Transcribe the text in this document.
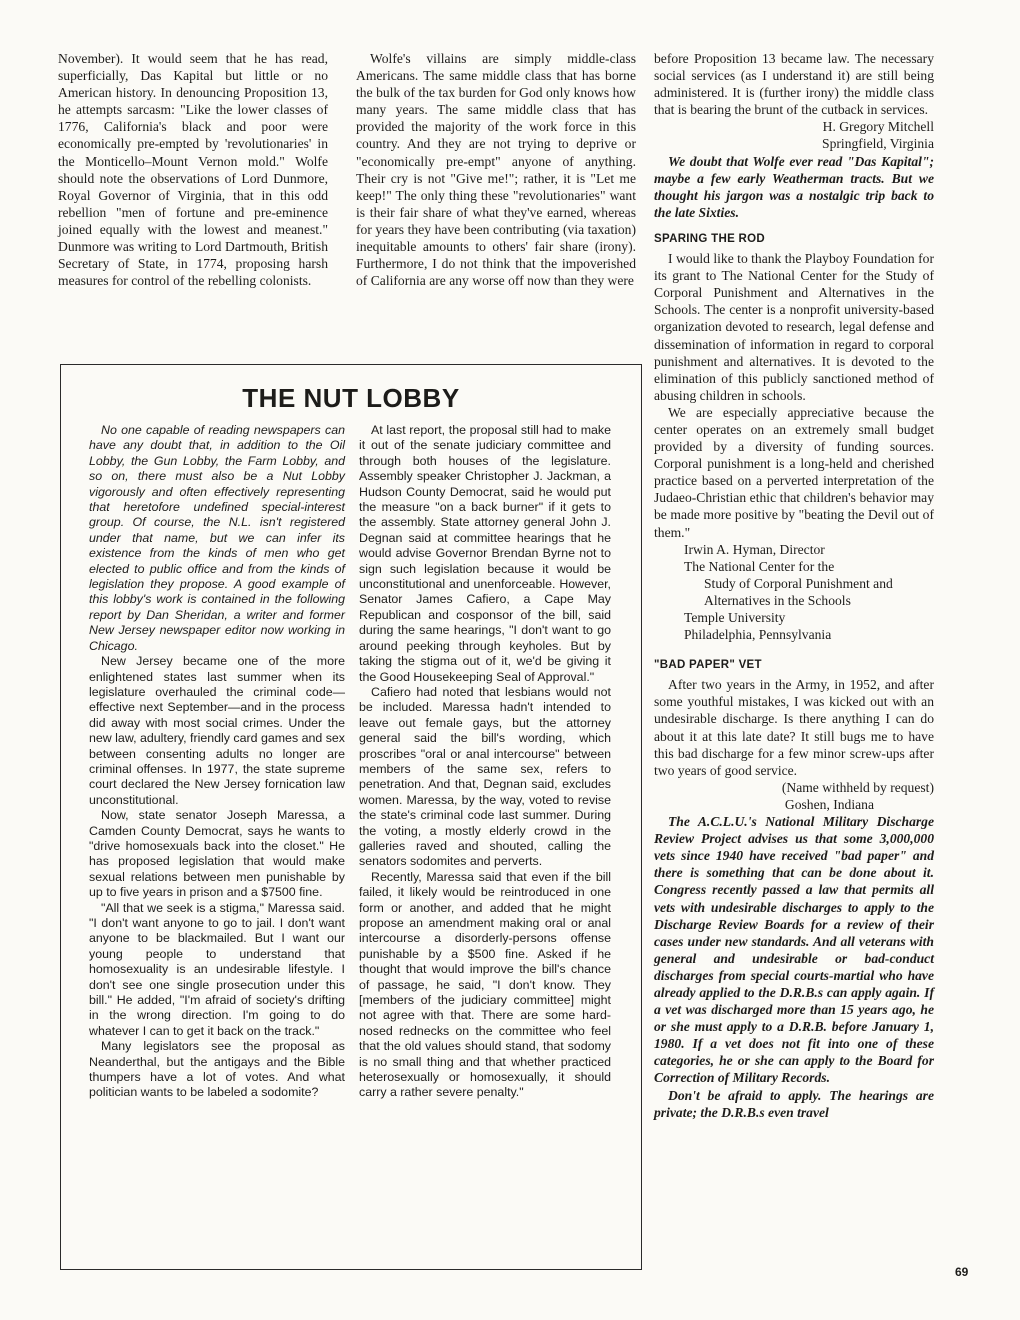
November). It would seem that he has read, superficially, Das Kapital but little or no American history. In denouncing Proposition 13, he attempts sarcasm: "Like the lower classes of 1776, California's black and poor were economically pre-empted by 'revolutionaries' in the Monticello–Mount Vernon mold." Wolfe should note the observations of Lord Dunmore, Royal Governor of Virginia, that in this odd rebellion "men of fortune and pre-eminence joined equally with the lowest and meanest." Dunmore was writing to Lord Dartmouth, British Secretary of State, in 1774, proposing harsh measures for control of the rebelling colonists.

Wolfe's villains are simply middle-class Americans. The same middle class that has borne the bulk of the tax burden for God only knows how many years. The same middle class that has provided the majority of the work force in this country. And they are not trying to deprive or "economically pre-empt" anyone of anything. Their cry is not "Give me!"; rather, it is "Let me keep!" The only thing these "revolutionaries" want is their fair share of what they've earned, whereas for years they have been contributing (via taxation) inequitable amounts to others' fair share (irony). Furthermore, I do not think that the impoverished of California are any worse off now than they were

before Proposition 13 became law. The necessary social services (as I understand it) are still being administered. It is (further irony) the middle class that is bearing the brunt of the cutback in services.

H. Gregory Mitchell

Springfield, Virginia

We doubt that Wolfe ever read "Das Kapital"; maybe a few early Weatherman tracts. But we thought his jargon was a nostalgic trip back to the late Sixties.

SPARING THE ROD

I would like to thank the Playboy Foundation for its grant to The National Center for the Study of Corporal Punishment and Alternatives in the Schools. The center is a nonprofit university-based organization devoted to research, legal defense and dissemination of information in regard to corporal punishment and alternatives. It is devoted to the elimination of this publicly sanctioned method of abusing children in schools.

We are especially appreciative because the center operates on an extremely small budget provided by a diversity of funding sources. Corporal punishment is a long-held and cherished practice based on a perverted interpretation of the Judaeo-Christian ethic that children's behavior may be made more positive by "beating the Devil out of them."

Irwin A. Hyman, Director

The National Center for the

Study of Corporal Punishment and

Alternatives in the Schools

Temple University

Philadelphia, Pennsylvania

"BAD PAPER" VET

After two years in the Army, in 1952, and after some youthful mistakes, I was kicked out with an undesirable discharge. Is there anything I can do about it at this late date? It still bugs me to have this bad discharge for a few minor screw-ups after two years of good service.

(Name withheld by request)

Goshen, Indiana

The A.C.L.U.'s National Military Discharge Review Project advises us that some 3,000,000 vets since 1940 have received "bad paper" and there is something that can be done about it. Congress recently passed a law that permits all vets with undesirable discharges to apply to the Discharge Review Boards for a review of their cases under new standards. And all veterans with general and undesirable or bad-conduct discharges from special courts-martial who have already applied to the D.R.B.s can apply again. If a vet was discharged more than 15 years ago, he or she must apply to a D.R.B. before January 1, 1980. If a vet does not fit into one of these categories, he or she can apply to the Board for Correction of Military Records.

Don't be afraid to apply. The hearings are private; the D.R.B.s even travel

THE NUT LOBBY

No one capable of reading newspapers can have any doubt that, in addition to the Oil Lobby, the Gun Lobby, the Farm Lobby, and so on, there must also be a Nut Lobby vigorously and often effectively representing that heretofore undefined special-interest group. Of course, the N.L. isn't registered under that name, but we can infer its existence from the kinds of men who get elected to public office and from the kinds of legislation they propose. A good example of this lobby's work is contained in the following report by Dan Sheridan, a writer and former New Jersey newspaper editor now working in Chicago.

New Jersey became one of the more enlightened states last summer when its legislature overhauled the criminal code—effective next September—and in the process did away with most social crimes. Under the new law, adultery, friendly card games and sex between consenting adults no longer are criminal offenses. In 1977, the state supreme court declared the New Jersey fornication law unconstitutional.

Now, state senator Joseph Maressa, a Camden County Democrat, says he wants to "drive homosexuals back into the closet." He has proposed legislation that would make sexual relations between men punishable by up to five years in prison and a $7500 fine.

"All that we seek is a stigma," Maressa said. "I don't want anyone to go to jail. I don't want anyone to be blackmailed. But I want our young people to understand that homosexuality is an undesirable lifestyle. I don't see one single prosecution under this bill." He added, "I'm afraid of society's drifting in the wrong direction. I'm going to do whatever I can to get it back on the track."

Many legislators see the proposal as Neanderthal, but the antigays and the Bible thumpers have a lot of votes. And what politician wants to be labeled a sodomite?

At last report, the proposal still had to make it out of the senate judiciary committee and through both houses of the legislature. Assembly speaker Christopher J. Jackman, a Hudson County Democrat, said he would put the measure "on a back burner" if it gets to the assembly. State attorney general John J. Degnan said at committee hearings that he would advise Governor Brendan Byrne not to sign such legislation because it would be unconstitutional and unenforceable. However, Senator James Cafiero, a Cape May Republican and cosponsor of the bill, said during the same hearings, "I don't want to go around peeking through keyholes. But by taking the stigma out of it, we'd be giving it the Good Housekeeping Seal of Approval."

Cafiero had noted that lesbians would not be included. Maressa hadn't intended to leave out female gays, but the attorney general said the bill's wording, which proscribes "oral or anal intercourse" between members of the same sex, refers to penetration. And that, Degnan said, excludes women. Maressa, by the way, voted to revise the state's criminal code last summer. During the voting, a mostly elderly crowd in the galleries raved and shouted, calling the senators sodomites and perverts.

Recently, Maressa said that even if the bill failed, it likely would be reintroduced in one form or another, and added that he might propose an amendment making oral or anal intercourse a disorderly-persons offense punishable by a $500 fine. Asked if he thought that would improve the bill's chance of passage, he said, "I don't know. They [members of the judiciary committee] might not agree with that. There are some hard-nosed rednecks on the committee who feel that the old values should stand, that sodomy is no small thing and that whether practiced heterosexually or homosexually, it should carry a rather severe penalty."

69
